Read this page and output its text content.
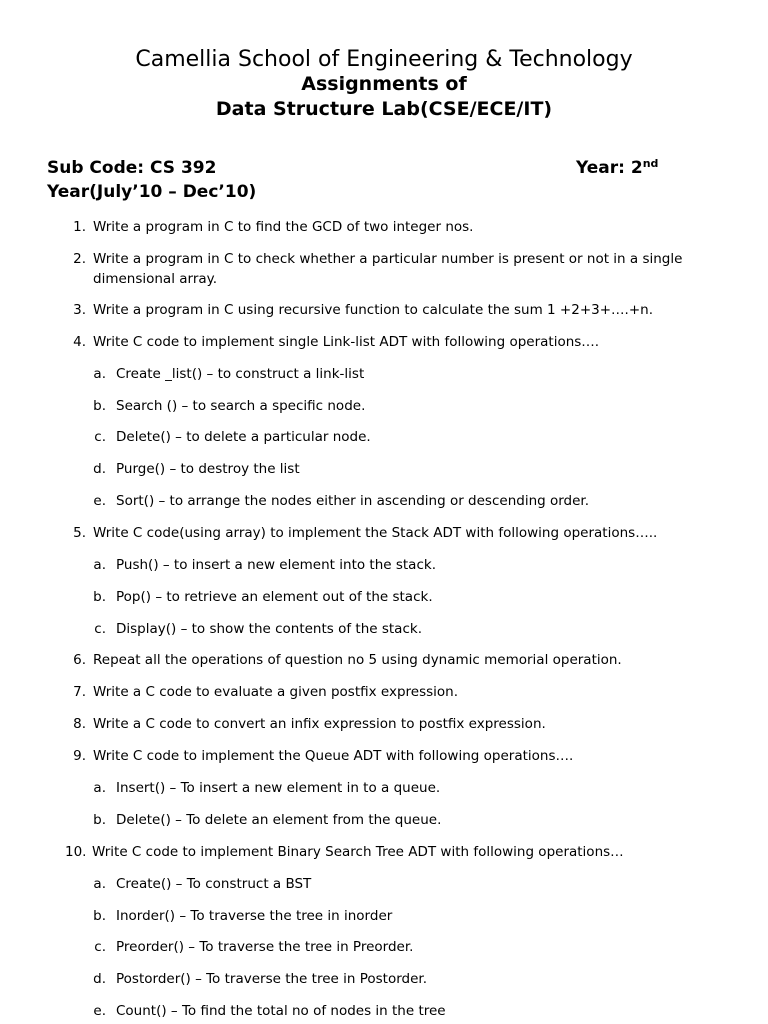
Camellia School of Engineering & Technology
Assignments of
Data Structure Lab(CSE/ECE/IT)
Sub Code: CS 392	Year: 2nd
Year(July’10 – Dec’10)
1. Write a program in C to find the GCD of two integer nos.
2. Write a program in C to check whether a particular number is present or not in a single
dimensional array.
3. Write a program in C using recursive function to calculate the sum 1 +2+3+….+n.
4. Write C code to implement single Link-list ADT with following operations….
a. Create _list() – to construct a link-list
b. Search () – to search a specific node.
c. Delete() – to delete a particular node.
d. Purge() – to destroy the list
e. Sort() – to arrange the nodes either in ascending or descending order.
5. Write C code(using array) to implement the Stack ADT with following operations…..
a. Push() – to insert a new element into the stack.
b. Pop() – to retrieve an element out of the stack.
c. Display() – to show the contents of the stack.
6. Repeat all the operations of question no 5 using dynamic memorial operation.
7. Write a C code to evaluate a given postfix expression.
8. Write a C code to convert an infix expression to postfix expression.
9. Write C code to implement the Queue ADT with following operations….
a. Insert() – To insert a new element in to a queue.
b. Delete() – To delete an element from the queue.
10. Write C code to implement Binary Search Tree ADT with following operations…
a. Create() – To construct a BST
b. Inorder() – To traverse the tree in inorder
c. Preorder() – To traverse the tree in Preorder.
d. Postorder() – To traverse the tree in Postorder.
e. Count() – To find the total no of nodes in the tree
